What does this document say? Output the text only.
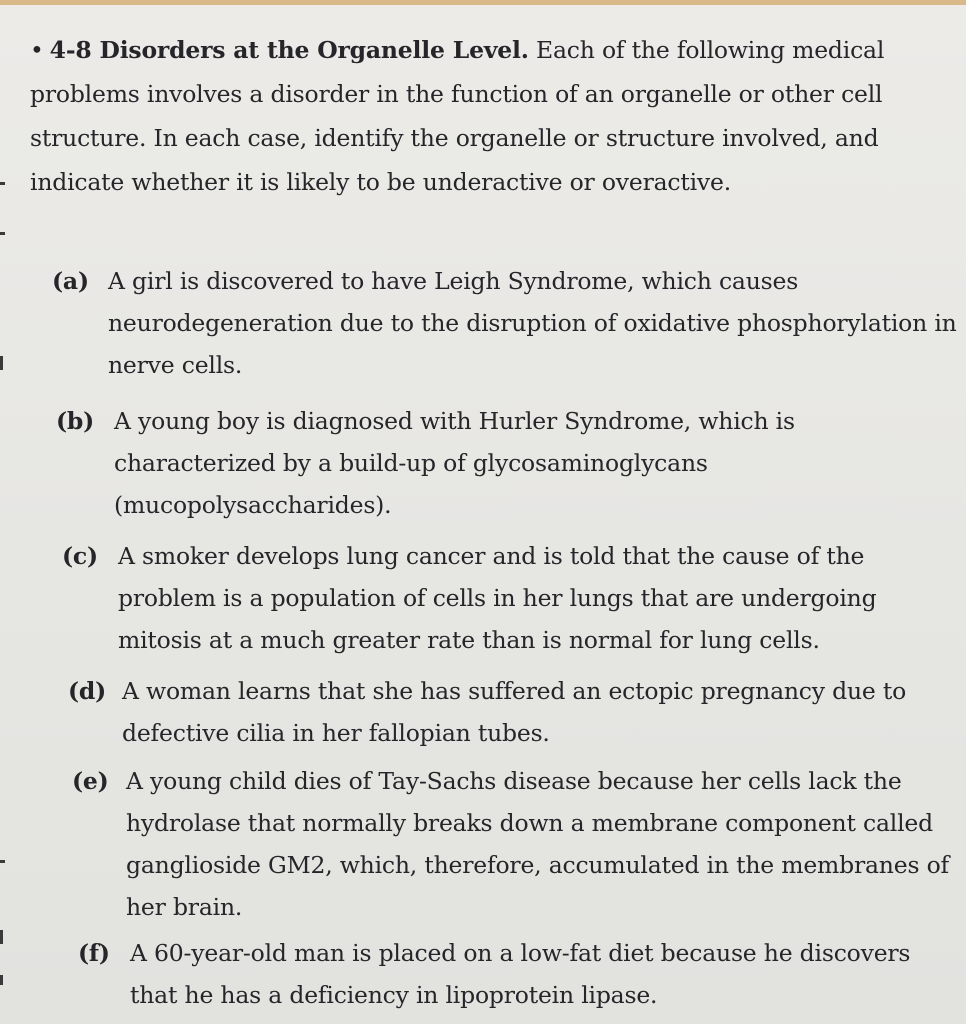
• 4-8 Disorders at the Organelle Level. Each of the following medical problems involves a disorder in the function of an organelle or other cell structure. In each case, identify the organelle or structure involved, and indicate whether it is likely to be underactive or overactive.
(a) A girl is discovered to have Leigh Syndrome, which causes neurodegeneration due to the disruption of oxidative phosphorylation in nerve cells.
(b) A young boy is diagnosed with Hurler Syndrome, which is characterized by a build-up of glycosaminoglycans (mucopolysaccharides).
(c) A smoker develops lung cancer and is told that the cause of the problem is a population of cells in her lungs that are undergoing mitosis at a much greater rate than is normal for lung cells.
(d) A woman learns that she has suffered an ectopic pregnancy due to defective cilia in her fallopian tubes.
(e) A young child dies of Tay-Sachs disease because her cells lack the hydrolase that normally breaks down a membrane component called ganglioside GM2, which, therefore, accumulated in the membranes of her brain.
(f) A 60-year-old man is placed on a low-fat diet because he discovers that he has a deficiency in lipoprotein lipase.
